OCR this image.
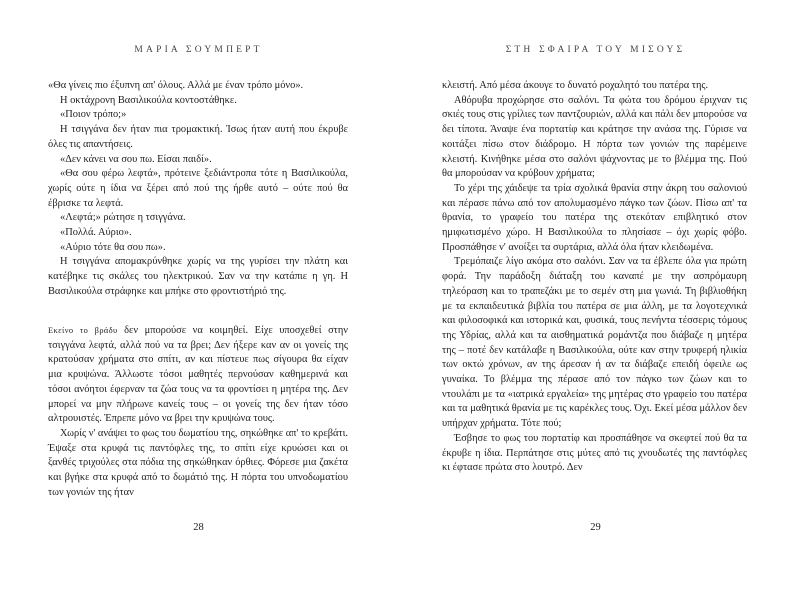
ΜΑΡΙΑ ΣΟΥΜΠΕΡΤ

«Θα γίνεις πιο έξυπνη απ' όλους. Αλλά με έναν τρόπο μόνο».

Η οκτάχρονη Βασιλικούλα κοντοστάθηκε.

«Ποιον τρόπο;»

Η τσιγγάνα δεν ήταν πια τρομακτική. Ίσως ήταν αυτή που έκρυβε όλες τις απαντήσεις.

«Δεν κάνει να σου πω. Είσαι παιδί».

«Θα σου φέρω λεφτά», πρότεινε ξεδιάντροπα τότε η Βασιλικούλα, χωρίς ούτε η ίδια να ξέρει από πού της ήρθε αυτό – ούτε πού θα έβρισκε τα λεφτά.

«Λεφτά;» ρώτησε η τσιγγάνα.

«Πολλά. Αύριο».

«Αύριο τότε θα σου πω».

Η τσιγγάνα απομακρύνθηκε χωρίς να της γυρίσει την πλάτη και κατέβηκε τις σκάλες του ηλεκτρικού. Σαν να την κατάπιε η γη. Η Βασιλικούλα στράφηκε και μπήκε στο φροντιστήριό της.

Εκείνο το βράδυ δεν μπορούσε να κοιμηθεί. Είχε υποσχεθεί στην τσιγγάνα λεφτά, αλλά πού να τα βρει; Δεν ήξερε καν αν οι γονείς της κρατούσαν χρήματα στο σπίτι, αν και πίστευε πως σίγουρα θα είχαν μια κρυψώνα. Άλλωστε τόσοι μαθητές περνούσαν καθημερινά και τόσοι ανόητοι έφερναν τα ζώα τους να τα φροντίσει η μητέρα της. Δεν μπορεί να μην πλήρωνε κανείς τους – οι γονείς της δεν ήταν τόσο αλτρουιστές. Έπρεπε μόνο να βρει την κρυψώνα τους.

Χωρίς ν' ανάψει το φως του δωματίου της, σηκώθηκε απ' το κρεβάτι. Έψαξε στα κρυφά τις παντόφλες της, το σπίτι είχε κρυώσει και οι ξανθές τριχούλες στα πόδια της σηκώθηκαν όρθιες. Φόρεσε μια ζακέτα και βγήκε στα κρυφά από το δωμάτιό της. Η πόρτα του υπνοδωματίου των γονιών της ήταν

28
ΣΤΗ ΣΦΑΙΡΑ ΤΟΥ ΜΙΣΟΥΣ

κλειστή. Από μέσα άκουγε το δυνατό ροχαλητό του πατέρα της.

Αθόρυβα προχώρησε στο σαλόνι. Τα φώτα του δρόμου έριχναν τις σκιές τους στις γρίλιες των παντζουριών, αλλά και πάλι δεν μπορούσε να δει τίποτα. Άναψε ένα πορτατίφ και κράτησε την ανάσα της. Γύρισε να κοιτάξει πίσω στον διάδρομο. Η πόρτα των γονιών της παρέμεινε κλειστή. Κινήθηκε μέσα στο σαλόνι ψάχνοντας με το βλέμμα της. Πού θα μπορούσαν να κρύβουν χρήματα;

Το χέρι της χάιδεψε τα τρία σχολικά θρανία στην άκρη του σαλονιού και πέρασε πάνω από τον απολυμασμένο πάγκο των ζώων. Πίσω απ' τα θρανία, το γραφείο του πατέρα της στεκόταν επιβλητικό στον ημιφωτισμένο χώρο. Η Βασιλικούλα το πλησίασε – όχι χωρίς φόβο. Προσπάθησε ν' ανοίξει τα συρτάρια, αλλά όλα ήταν κλειδωμένα.

Τρεμόπαιζε λίγο ακόμα στο σαλόνι. Σαν να τα έβλεπε όλα για πρώτη φορά. Την παράδοξη διάταξη του καναπέ με την ασπρόμαυρη τηλεόραση και το τραπεζάκι με το σεμέν στη μια γωνιά. Τη βιβλιοθήκη με τα εκπαιδευτικά βιβλία του πατέρα σε μια άλλη, με τα λογοτεχνικά και φιλοσοφικά και ιστορικά και, φυσικά, τους πενήντα τέσσερις τόμους της Υδρίας, αλλά και τα αισθηματικά ρομάντζα που διάβαζε η μητέρα της – ποτέ δεν κατάλαβε η Βασιλικούλα, ούτε καν στην τρυφερή ηλικία των οκτώ χρόνων, αν της άρεσαν ή αν τα διάβαζε επειδή όφειλε ως γυναίκα. Το βλέμμα της πέρασε από τον πάγκο των ζώων και το ντουλάπι με τα «ιατρικά εργαλεία» της μητέρας στο γραφείο του πατέρα και τα μαθητικά θρανία με τις καρέκλες τους. Όχι. Εκεί μέσα μάλλον δεν υπήρχαν χρήματα. Τότε πού;

Έσβησε το φως του πορτατίφ και προσπάθησε να σκεφτεί πού θα τα έκρυβε η ίδια. Περπάτησε στις μύτες από τις χνουδωτές της παντόφλες κι έφτασε πρώτα στο λουτρό. Δεν

29
